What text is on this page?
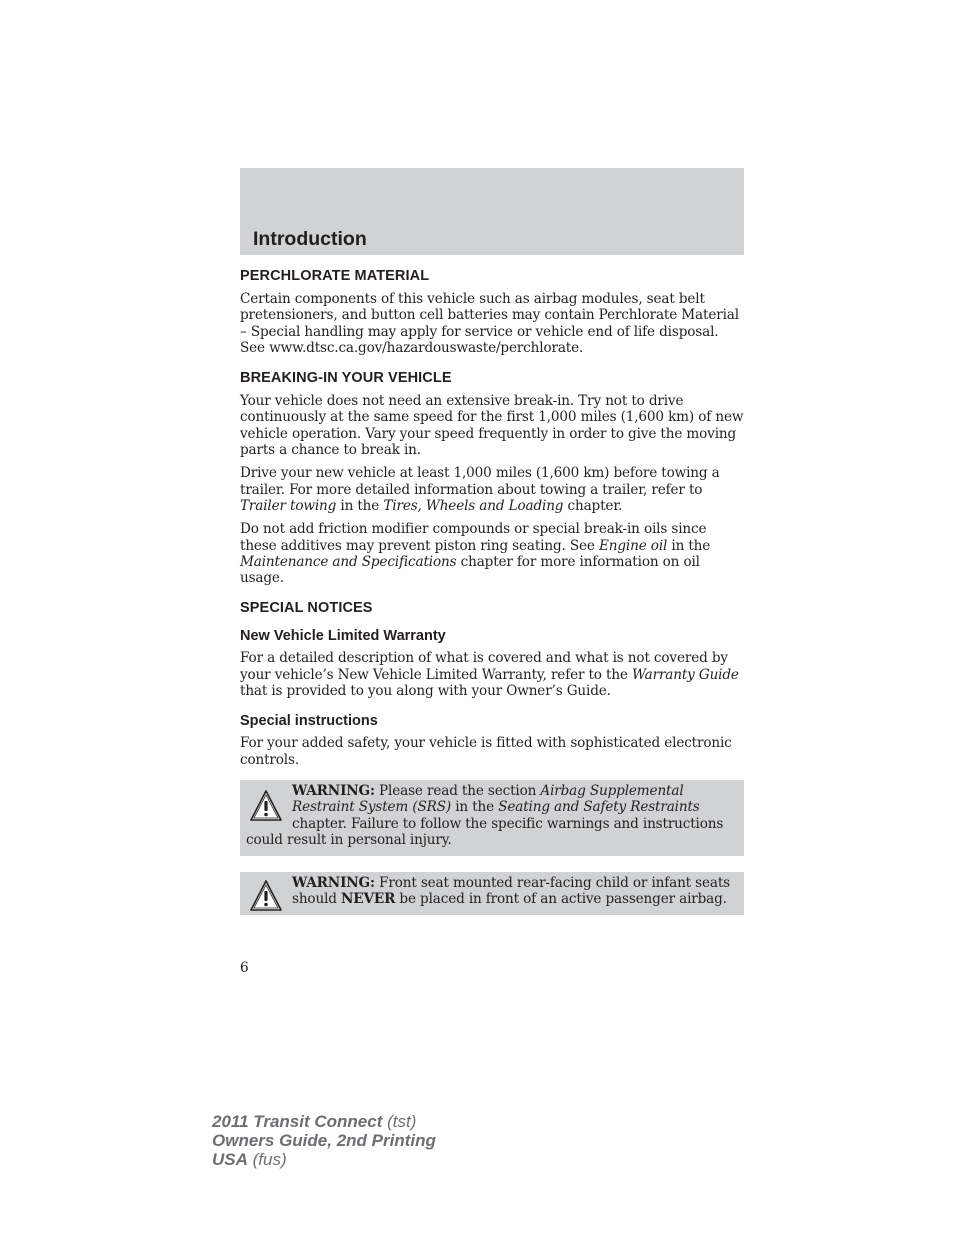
Introduction
PERCHLORATE MATERIAL

Certain components of this vehicle such as airbag modules, seat belt pretensioners, and button cell batteries may contain Perchlorate Material – Special handling may apply for service or vehicle end of life disposal. See www.dtsc.ca.gov/hazardouswaste/perchlorate.

BREAKING-IN YOUR VEHICLE

Your vehicle does not need an extensive break-in. Try not to drive continuously at the same speed for the first 1,000 miles (1,600 km) of new vehicle operation. Vary your speed frequently in order to give the moving parts a chance to break in.

Drive your new vehicle at least 1,000 miles (1,600 km) before towing a trailer. For more detailed information about towing a trailer, refer to Trailer towing in the Tires, Wheels and Loading chapter.

Do not add friction modifier compounds or special break-in oils since these additives may prevent piston ring seating. See Engine oil in the Maintenance and Specifications chapter for more information on oil usage.

SPECIAL NOTICES
New Vehicle Limited Warranty

For a detailed description of what is covered and what is not covered by your vehicle’s New Vehicle Limited Warranty, refer to the Warranty Guide that is provided to you along with your Owner’s Guide.

Special instructions

For your added safety, your vehicle is fitted with sophisticated electronic controls.

WARNING: Please read the section Airbag Supplemental Restraint System (SRS) in the Seating and Safety Restraints chapter. Failure to follow the specific warnings and instructions could result in personal injury.
WARNING: Front seat mounted rear-facing child or infant seats should NEVER be placed in front of an active passenger airbag.
6
2011 Transit Connect (tst)
Owners Guide, 2nd Printing
USA (fus)
